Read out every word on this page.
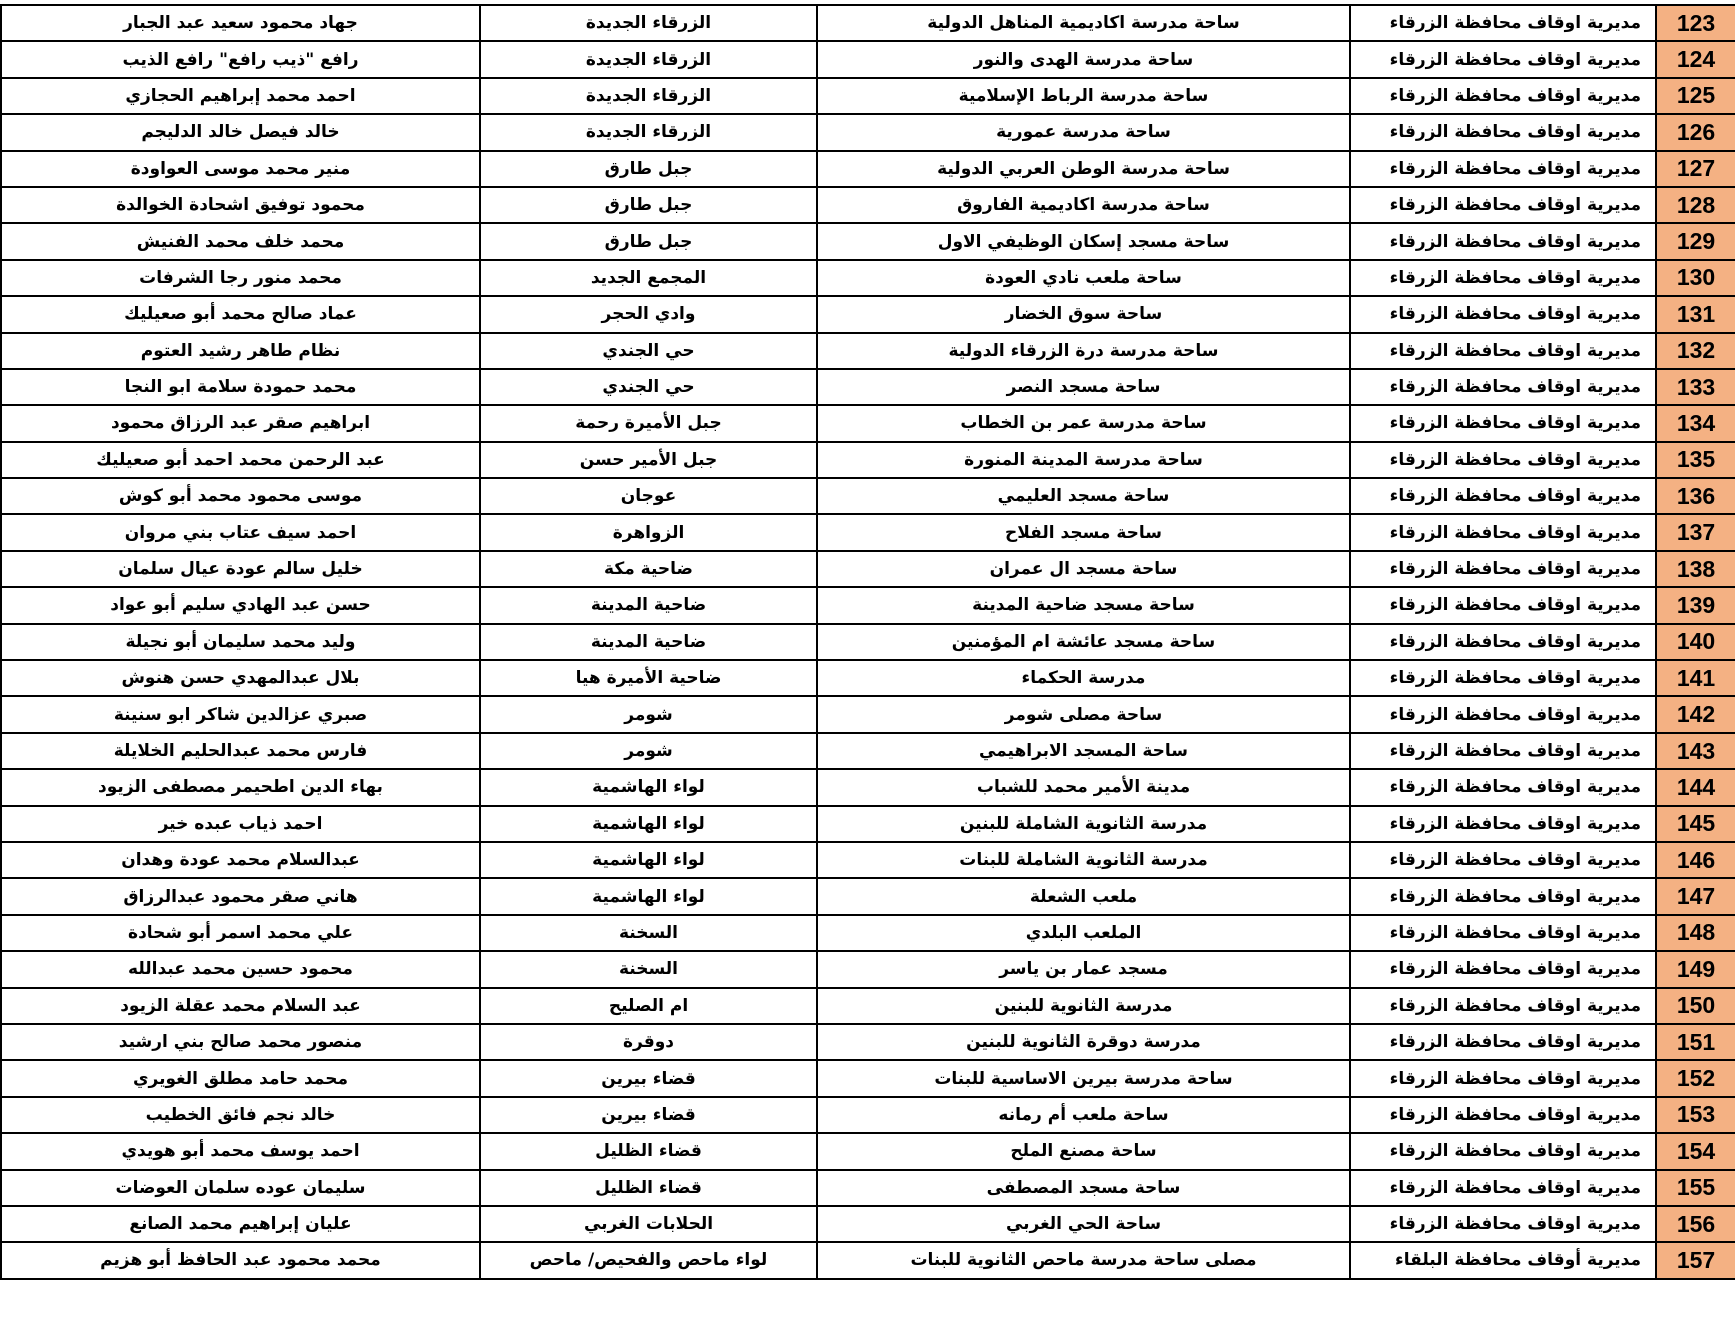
جهاد محمود سعيد عبد الجبار	الزرقاء الجديدة	ساحة مدرسة اكاديمية المناهل الدولية	مديرية اوقاف محافظة الزرقاء	123
رافع "ذيب رافع" رافع الذيب	الزرقاء الجديدة	ساحة مدرسة الهدى والنور	مديرية اوقاف محافظة الزرقاء	124
احمد محمد إبراهيم الحجازي	الزرقاء الجديدة	ساحة مدرسة الرباط الإسلامية	مديرية اوقاف محافظة الزرقاء	125
خالد فيصل خالد الدليجم	الزرقاء الجديدة	ساحة مدرسة عمورية	مديرية اوقاف محافظة الزرقاء	126
منير محمد موسى العواودة	جبل طارق	ساحة مدرسة الوطن العربي الدولية	مديرية اوقاف محافظة الزرقاء	127
محمود توفيق اشحادة الخوالدة	جبل طارق	ساحة مدرسة اكاديمية الفاروق	مديرية اوقاف محافظة الزرقاء	128
محمد خلف محمد الفنيش	جبل طارق	ساحة مسجد إسكان الوظيفي الاول	مديرية اوقاف محافظة الزرقاء	129
محمد منور رجا الشرفات	المجمع الجديد	ساحة ملعب نادي العودة	مديرية اوقاف محافظة الزرقاء	130
عماد صالح محمد أبو صعيليك	وادي الحجر	ساحة سوق الخضار	مديرية اوقاف محافظة الزرقاء	131
نظام طاهر رشيد العتوم	حي الجندي	ساحة مدرسة درة الزرقاء الدولية	مديرية اوقاف محافظة الزرقاء	132
محمد حمودة سلامة ابو النجا	حي الجندي	ساحة مسجد النصر	مديرية اوقاف محافظة الزرقاء	133
ابراهيم صقر عبد الرزاق محمود	جبل الأميرة رحمة	ساحة مدرسة عمر بن الخطاب	مديرية اوقاف محافظة الزرقاء	134
عبد الرحمن محمد احمد أبو صعيليك	جبل الأمير حسن	ساحة مدرسة المدينة المنورة	مديرية اوقاف محافظة الزرقاء	135
موسى محمود محمد أبو كوش	عوجان	ساحة مسجد العليمي	مديرية اوقاف محافظة الزرقاء	136
احمد سيف عتاب بني مروان	الزواهرة	ساحة مسجد الفلاح	مديرية اوقاف محافظة الزرقاء	137
خليل سالم عودة عيال سلمان	ضاحية مكة	ساحة مسجد ال عمران	مديرية اوقاف محافظة الزرقاء	138
حسن عبد الهادي سليم أبو عواد	ضاحية المدينة	ساحة مسجد ضاحية المدينة	مديرية اوقاف محافظة الزرقاء	139
وليد محمد سليمان أبو نجيلة	ضاحية المدينة	ساحة مسجد عائشة ام المؤمنين	مديرية اوقاف محافظة الزرقاء	140
بلال عبدالمهدي حسن هنوش	ضاحية الأميرة هيا	مدرسة الحكماء	مديرية اوقاف محافظة الزرقاء	141
صبري عزالدين شاكر ابو سنينة	شومر	ساحة مصلى شومر	مديرية اوقاف محافظة الزرقاء	142
فارس محمد عبدالحليم الخلايلة	شومر	ساحة المسجد الابراهيمي	مديرية اوقاف محافظة الزرقاء	143
بهاء الدين اطحيمر مصطفى الزيود	لواء الهاشمية	مدينة الأمير محمد للشباب	مديرية اوقاف محافظة الزرقاء	144
احمد ذياب عبده خير	لواء الهاشمية	مدرسة الثانوية الشاملة للبنين	مديرية اوقاف محافظة الزرقاء	145
عبدالسلام محمد عودة وهدان	لواء الهاشمية	مدرسة الثانوية الشاملة للبنات	مديرية اوقاف محافظة الزرقاء	146
هاني صقر محمود عبدالرزاق	لواء الهاشمية	ملعب الشعلة	مديرية اوقاف محافظة الزرقاء	147
علي محمد اسمر أبو شحادة	السخنة	الملعب البلدي	مديرية اوقاف محافظة الزرقاء	148
محمود حسين محمد عبدالله	السخنة	مسجد عمار بن ياسر	مديرية اوقاف محافظة الزرقاء	149
عبد السلام محمد عقلة الزيود	ام الصليح	مدرسة الثانوية للبنين	مديرية اوقاف محافظة الزرقاء	150
منصور محمد صالح بني ارشيد	دوقرة	مدرسة دوقرة الثانوية للبنين	مديرية اوقاف محافظة الزرقاء	151
محمد حامد مطلق الغويري	قضاء بيرين	ساحة مدرسة بيرين الاساسية للبنات	مديرية اوقاف محافظة الزرقاء	152
خالد نجم فائق الخطيب	قضاء بيرين	ساحة ملعب أم رمانه	مديرية اوقاف محافظة الزرقاء	153
احمد يوسف محمد أبو هويدي	قضاء الظليل	ساحة مصنع الملح	مديرية اوقاف محافظة الزرقاء	154
سليمان عوده سلمان العوضات	قضاء الظليل	ساحة مسجد المصطفى	مديرية اوقاف محافظة الزرقاء	155
عليان إبراهيم محمد الصانع	الحلابات الغربي	ساحة الحي الغربي	مديرية اوقاف محافظة الزرقاء	156
محمد محمود عبد الحافظ أبو هزيم	لواء ماحص والفحيص/ ماحص	مصلى ساحة مدرسة ماحص الثانوية للبنات	مديرية أوقاف محافظة البلقاء	157
